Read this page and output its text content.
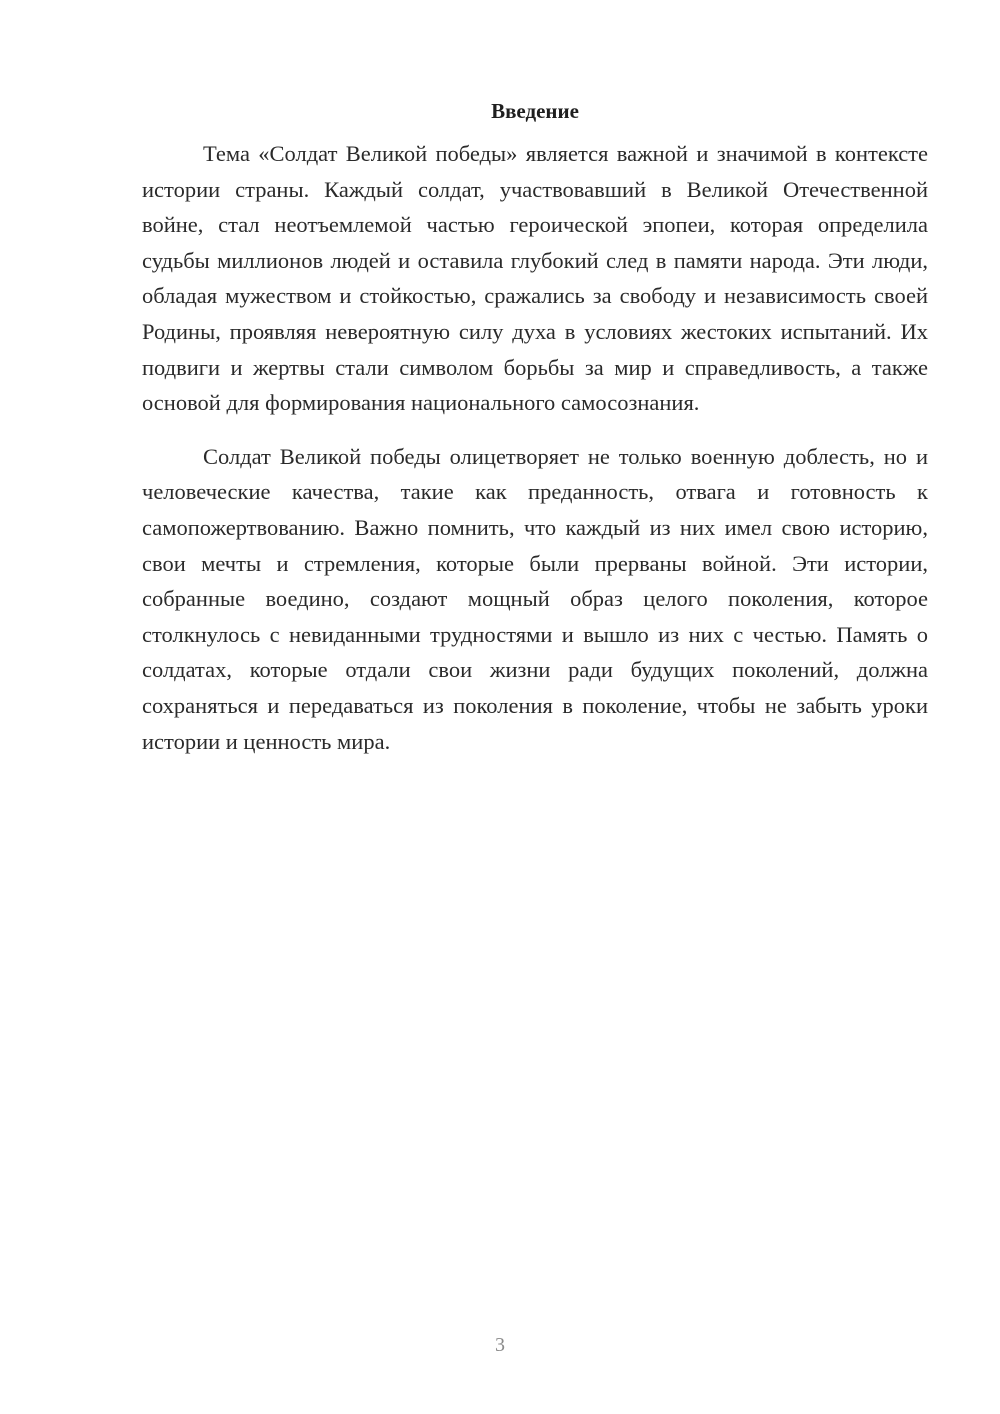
Введение

Тема «Солдат Великой победы» является важной и значимой в контексте истории страны. Каждый солдат, участвовавший в Великой Отечественной войне, стал неотъемлемой частью героической эпопеи, которая определила судьбы миллионов людей и оставила глубокий след в памяти народа. Эти люди, обладая мужеством и стойкостью, сражались за свободу и независимость своей Родины, проявляя невероятную силу духа в условиях жестоких испытаний. Их подвиги и жертвы стали символом борьбы за мир и справедливость, а также основой для формирования национального самосознания.

Солдат Великой победы олицетворяет не только военную доблесть, но и человеческие качества, такие как преданность, отвага и готовность к самопожертвованию. Важно помнить, что каждый из них имел свою историю, свои мечты и стремления, которые были прерваны войной. Эти истории, собранные воедино, создают мощный образ целого поколения, которое столкнулось с невиданными трудностями и вышло из них с честью. Память о солдатах, которые отдали свои жизни ради будущих поколений, должна сохраняться и передаваться из поколения в поколение, чтобы не забыть уроки истории и ценность мира.

3
